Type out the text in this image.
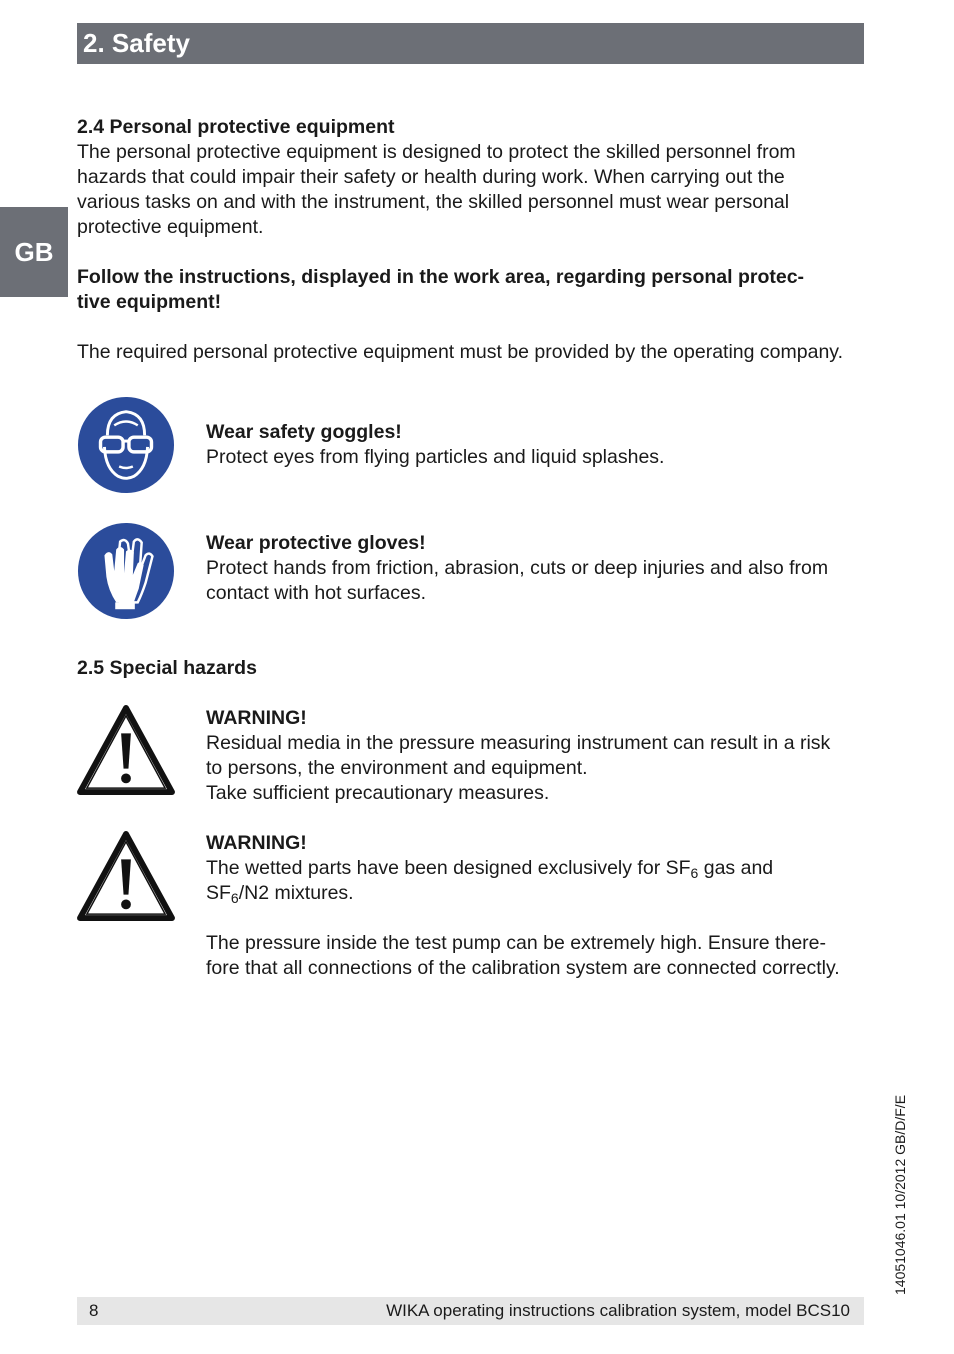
2. Safety
GB
2.4 Personal protective equipment
The personal protective equipment is designed to protect the skilled personnel from
hazards that could impair their safety or health during work. When carrying out the
various tasks on and with the instrument, the skilled personnel must wear personal
protective equipment.
Follow the instructions, displayed in the work area, regarding personal protec-
tive equipment!
The required personal protective equipment must be provided by the operating company.
Wear safety goggles!
Protect eyes from flying particles and liquid splashes.
Wear protective gloves!
Protect hands from friction, abrasion, cuts or deep injuries and also from
contact with hot surfaces.
2.5 Special hazards
WARNING!
Residual media in the pressure measuring instrument can result in a risk
to persons, the environment and equipment.
Take sufficient precautionary measures.
WARNING!
The wetted parts have been designed exclusively for $SF_6$ gas and
$SF_6/N2$ mixtures.
The pressure inside the test pump can be extremely high. Ensure there-
fore that all connections of the calibration system are connected correctly.
14051046.01 10/2012 GB/D/F/E
8	WIKA operating instructions calibration system, model BCS10
